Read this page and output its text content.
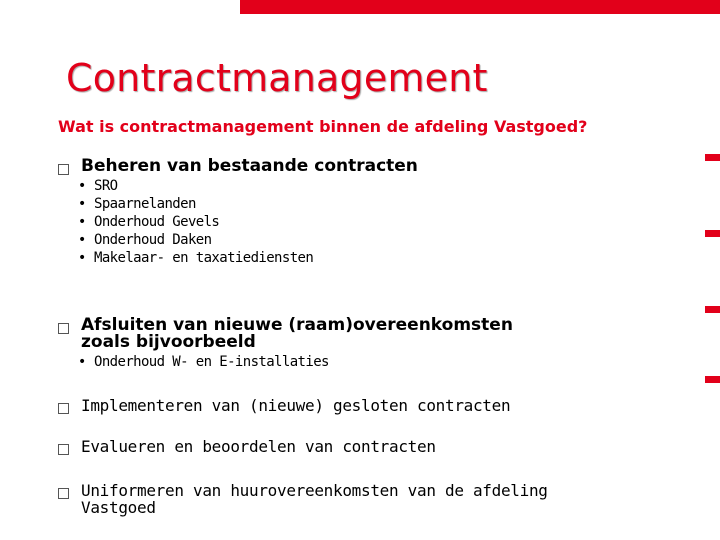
Contractmanagement
Wat is contractmanagement binnen de afdeling Vastgoed?
Beheren van bestaande contracten
• SRO
• Spaarnelanden
• Onderhoud Gevels
• Onderhoud Daken
• Makelaar- en taxatiediensten
Afsluiten van nieuwe (raam)overeenkomsten zoals bijvoorbeeld
• Onderhoud W- en E-installaties
Implementeren van (nieuwe) gesloten contracten
Evalueren en beoordelen van contracten
Uniformeren van huurovereenkomsten van de afdeling Vastgoed
